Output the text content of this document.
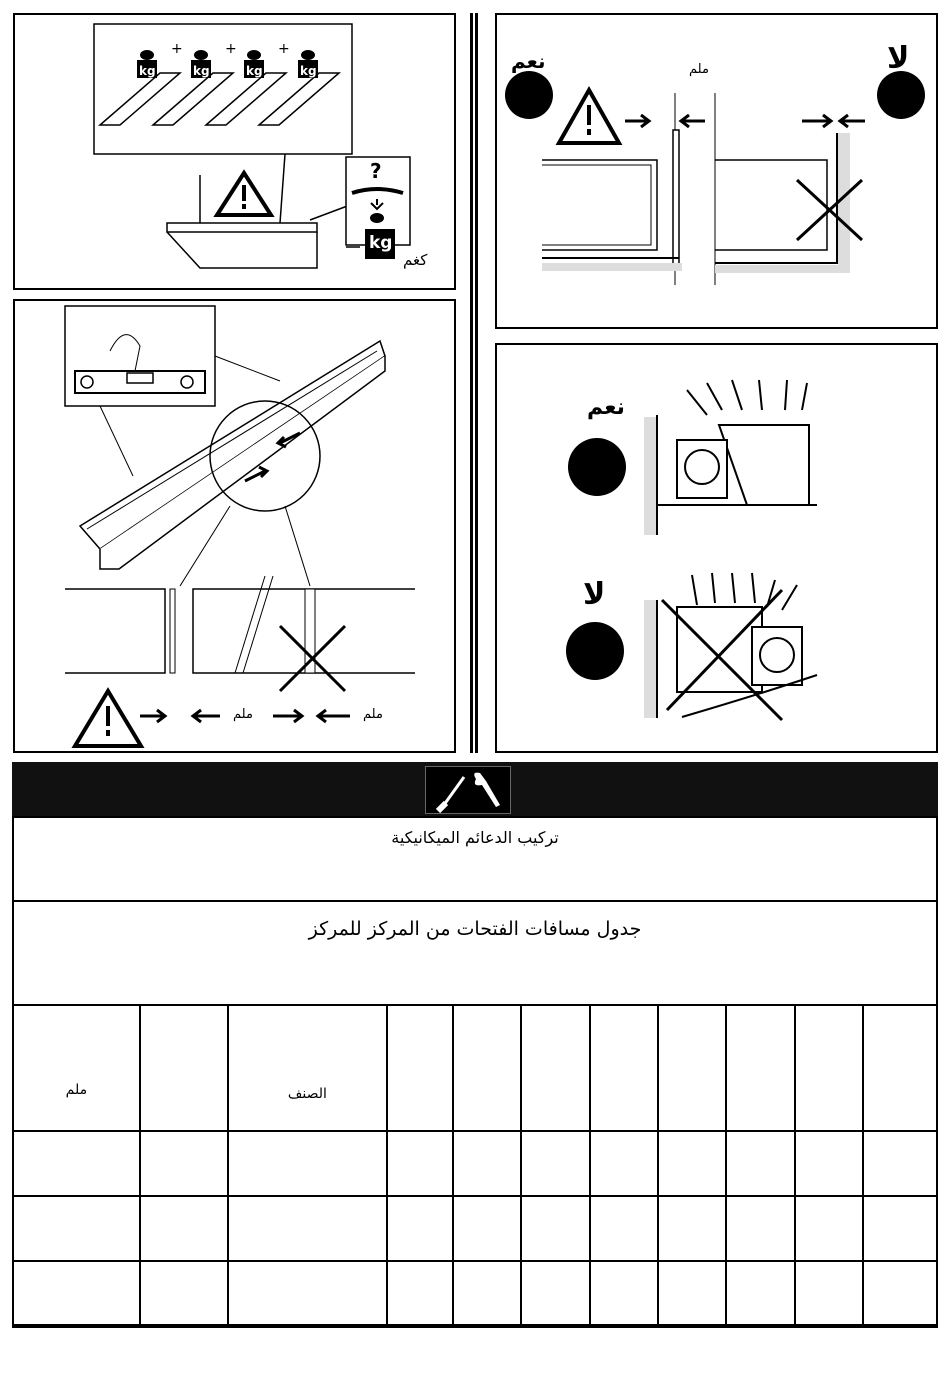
kg	kg	kg	kg
+	+	+
?
kg
كغم
نعم	لا
ملم
ملم	ملم
نعم
لا
تركيب الدعائم الميكانيكية
جدول مسافات الفتحات من المركز للمركز
ملم		الصنف								
